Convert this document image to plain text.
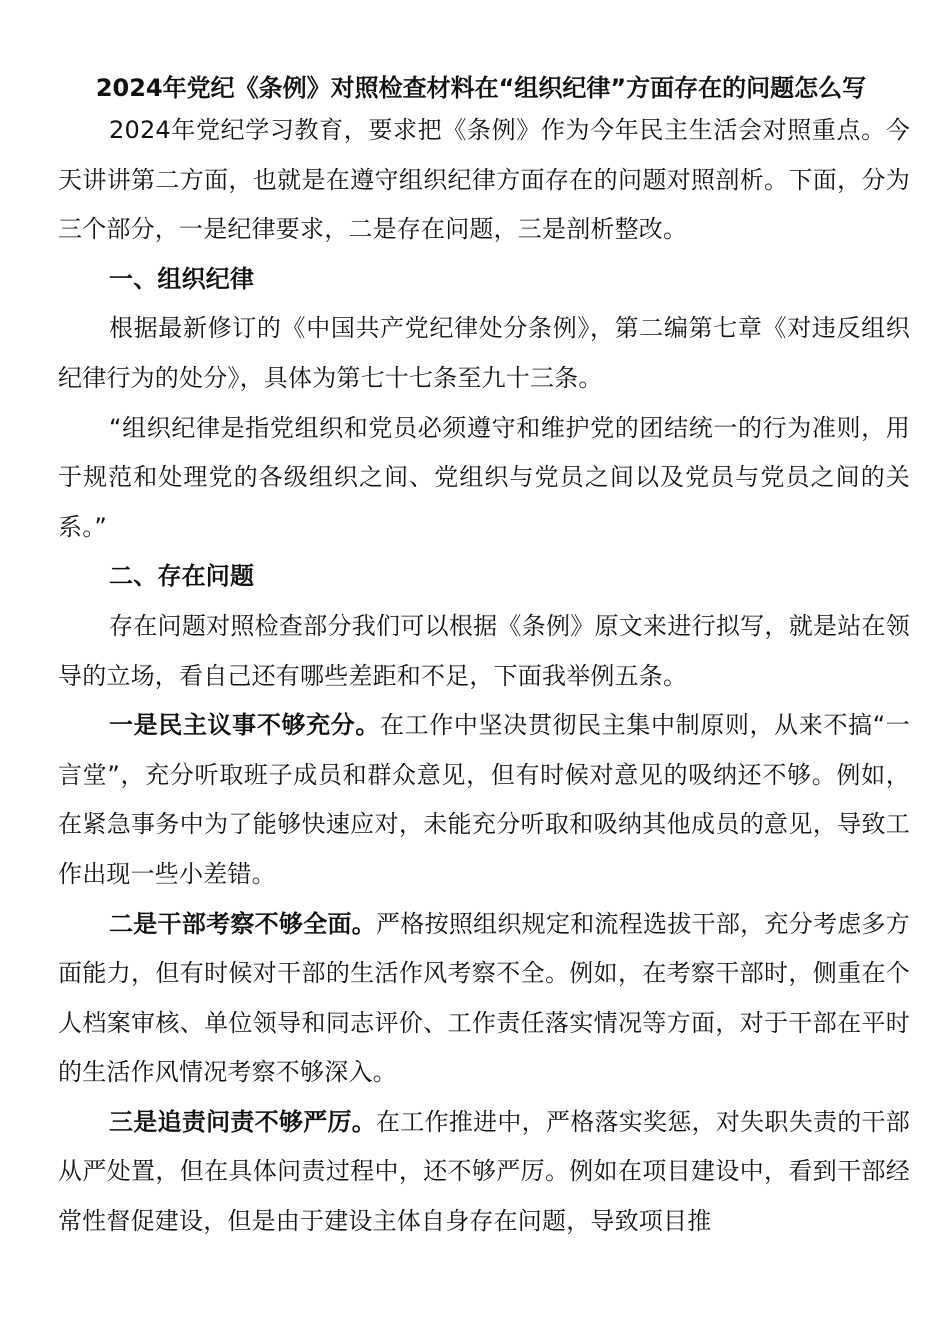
2024年党纪《条例》对照检查材料在“组织纪律”方面存在的问题怎么写

2024年党纪学习教育，要求把《条例》作为今年民主生活会对照重点。今天讲讲第二方面，也就是在遵守组织纪律方面存在的问题对照剖析。下面，分为三个部分，一是纪律要求，二是存在问题，三是剖析整改。

一、组织纪律

根据最新修订的《中国共产党纪律处分条例》，第二编第七章《对违反组织纪律行为的处分》，具体为第七十七条至九十三条。

“组织纪律是指党组织和党员必须遵守和维护党的团结统一的行为准则，用于规范和处理党的各级组织之间、党组织与党员之间以及党员与党员之间的关系。”

二、存在问题

存在问题对照检查部分我们可以根据《条例》原文来进行拟写，就是站在领导的立场，看自己还有哪些差距和不足，下面我举例五条。

一是民主议事不够充分。在工作中坚决贯彻民主集中制原则，从来不搞“一言堂”，充分听取班子成员和群众意见，但有时候对意见的吸纳还不够。例如，在紧急事务中为了能够快速应对，未能充分听取和吸纳其他成员的意见，导致工作出现一些小差错。

二是干部考察不够全面。严格按照组织规定和流程选拔干部，充分考虑多方面能力，但有时候对干部的生活作风考察不全。例如，在考察干部时，侧重在个人档案审核、单位领导和同志评价、工作责任落实情况等方面，对于干部在平时的生活作风情况考察不够深入。

三是追责问责不够严厉。在工作推进中，严格落实奖惩，对失职失责的干部从严处置，但在具体问责过程中，还不够严厉。例如在项目建设中，看到干部经常性督促建设，但是由于建设主体自身存在问题，导致项目推
